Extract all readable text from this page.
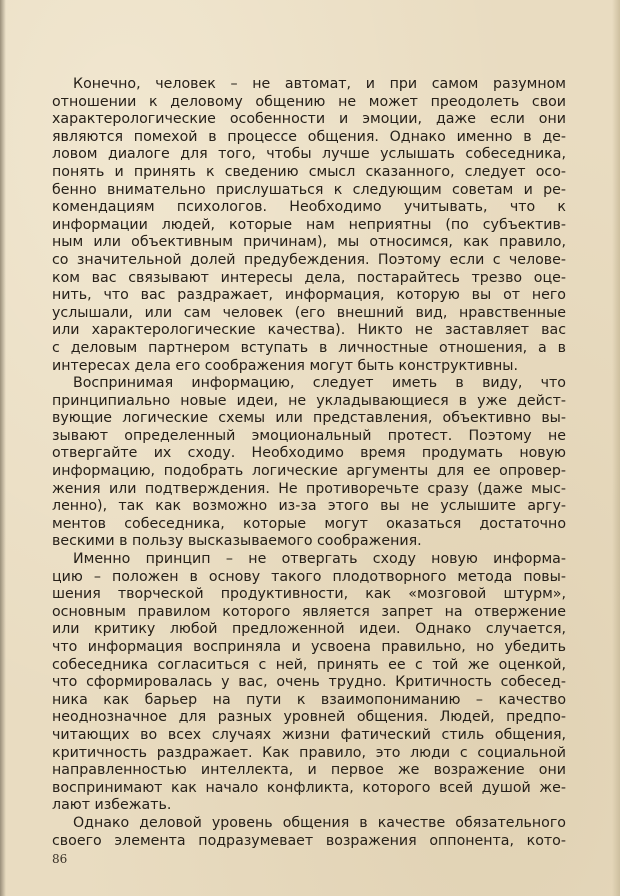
Конечно, человек – не автомат, и при самом разумном
отношении к деловому общению не может преодолеть свои
характерологические особенности и эмоции, даже если они
являются помехой в процессе общения. Однако именно в де-
ловом диалоге для того, чтобы лучше услышать собеседника,
понять и принять к сведению смысл сказанного, следует осо-
бенно внимательно прислушаться к следующим советам и ре-
комендациям психологов. Необходимо учитывать, что к
информации людей, которые нам неприятны (по субъектив-
ным или объективным причинам), мы относимся, как правило,
со значительной долей предубеждения. Поэтому если с челове-
ком вас связывают интересы дела, постарайтесь трезво оце-
нить, что вас раздражает, информация, которую вы от него
услышали, или сам человек (его внешний вид, нравственные
или характерологические качества). Никто не заставляет вас
с деловым партнером вступать в личностные отношения, а в
интересах дела его соображения могут быть конструктивны.

Воспринимая информацию, следует иметь в виду, что
принципиально новые идеи, не укладывающиеся в уже дейст-
вующие логические схемы или представления, объективно вы-
зывают определенный эмоциональный протест. Поэтому не
отвергайте их сходу. Необходимо время продумать новую
информацию, подобрать логические аргументы для ее опровер-
жения или подтверждения. Не противоречьте сразу (даже мыс-
ленно), так как возможно из-за этого вы не услышите аргу-
ментов собеседника, которые могут оказаться достаточно
вескими в пользу высказываемого соображения.

Именно принцип – не отвергать сходу новую информа-
цию – положен в основу такого плодотворного метода повы-
шения творческой продуктивности, как «мозговой штурм»,
основным правилом которого является запрет на отвержение
или критику любой предложенной идеи. Однако случается,
что информация восприняла и усвоена правильно, но убедить
собеседника согласиться с ней, принять ее с той же оценкой,
что сформировалась у вас, очень трудно. Критичность собесед-
ника как барьер на пути к взаимопониманию – качество
неоднозначное для разных уровней общения. Людей, предпо-
читающих во всех случаях жизни фатический стиль общения,
критичность раздражает. Как правило, это люди с социальной
направленностью интеллекта, и первое же возражение они
воспринимают как начало конфликта, которого всей душой же-
лают избежать.

Однако деловой уровень общения в качестве обязательного
своего элемента подразумевает возражения оппонента, кото-

86
